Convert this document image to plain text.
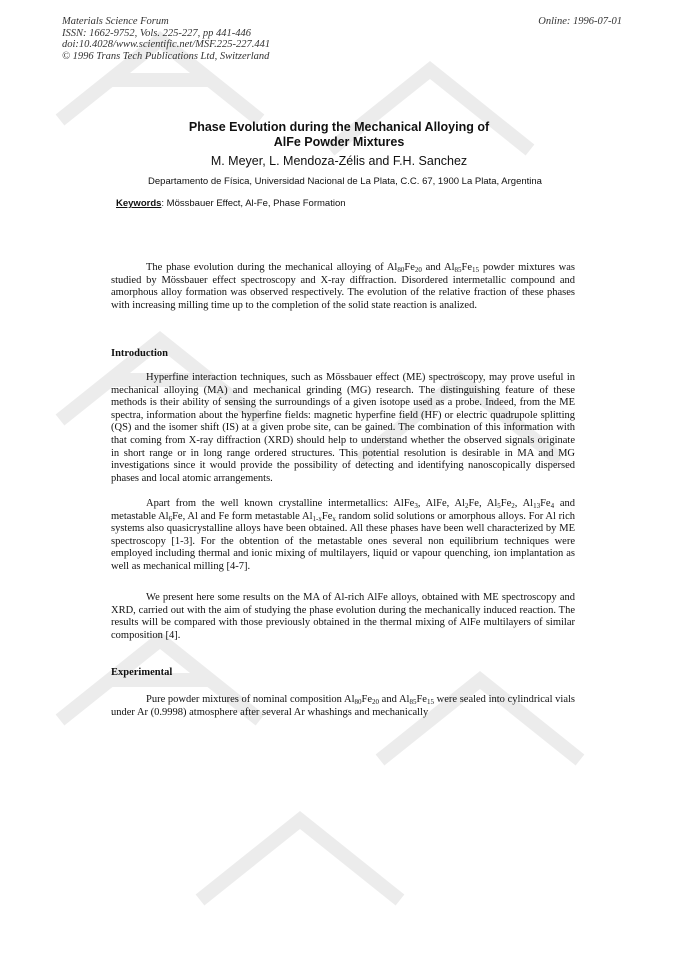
Materials Science Forum
ISSN: 1662-9752, Vols. 225-227, pp 441-446
doi:10.4028/www.scientific.net/MSF.225-227.441
© 1996 Trans Tech Publications Ltd, Switzerland
Online: 1996-07-01
Phase Evolution during the Mechanical Alloying of
AlFe Powder Mixtures
M. Meyer, L. Mendoza-Zélis and F.H. Sanchez
Departamento de Física, Universidad Nacional de La Plata, C.C. 67, 1900 La Plata, Argentina
Keywords: Mössbauer Effect, Al-Fe, Phase Formation

The phase evolution during the mechanical alloying of $Al_{80}Fe_{20}$ and $Al_{85}Fe_{15}$ powder mixtures was studied by Mössbauer effect spectroscopy and X-ray diffraction. Disordered intermetallic compound and amorphous alloy formation was observed respectively. The evolution of the relative fraction of these phases with increasing milling time up to the completion of the solid state reaction is analized.

Introduction

Hyperfine interaction techniques, such as Mössbauer effect (ME) spectroscopy, may prove useful in mechanical alloying (MA) and mechanical grinding (MG) research. The distinguishing feature of these methods is their ability of sensing the surroundings of a given isotope used as a probe. Indeed, from the ME spectra, information about the hyperfine fields: magnetic hyperfine field (HF) or electric quadrupole splitting (QS) and the isomer shift (IS) at a given probe site, can be gained. The combination of this information with that coming from X-ray diffraction (XRD) should help to understand whether the observed signals originate in short range or in long range ordered structures. This potential resolution is desirable in MA and MG investigations since it would provide the possibility of detecting and identifying nanoscopically dispersed phases and local atomic arrangements.

Apart from the well known crystalline intermetallics: AlFe$_3$, AlFe, $Al_2Fe$, $Al_5Fe_2$, $Al_{13}Fe_4$ and metastable $Al_6Fe$, Al and Fe form metastable $Al_{1-x}Fe_x$ random solid solutions or amorphous alloys. For Al rich systems also quasicrystalline alloys have been obtained. All these phases have been well characterized by ME spectroscopy [1-3]. For the obtention of the metastable ones several non equilibrium techniques were employed including thermal and ionic mixing of multilayers, liquid or vapour quenching, ion implantation as well as mechanical milling [4-7].

We present here some results on the MA of Al-rich AlFe alloys, obtained with ME spectroscopy and XRD, carried out with the aim of studying the phase evolution during the mechanically induced reaction. The results will be compared with those previously obtained in the thermal mixing of AlFe multilayers of similar composition [4].

Experimental

Pure powder mixtures of nominal composition $Al_{80}Fe_{20}$ and $Al_{85}Fe_{15}$ were sealed into cylindrical vials under Ar (0.9998) atmosphere after several Ar whashings and mechanically
